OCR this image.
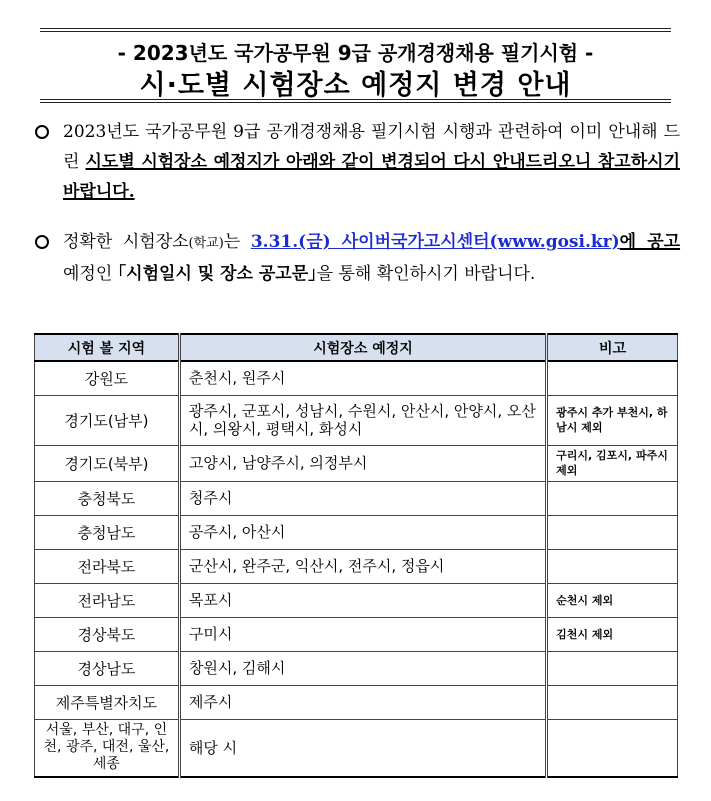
- 2023년도 국가공무원 9급 공개경쟁채용 필기시험 -
시·도별 시험장소 예정지 변경 안내
2023년도 국가공무원 9급 공개경쟁채용 필기시험 시행과 관련하여 이미 안내해 드린 시도별 시험장소 예정지가 아래와 같이 변경되어 다시 안내드리오니 참고하시기 바랍니다.
정확한 시험장소(학교)는 3.31.(금) 사이버국가고시센터(www.gosi.kr)에 공고 예정인 ｢시험일시 및 장소 공고문｣을 통해 확인하시기 바랍니다.
시험 볼 지역	시험장소 예정지	비고
강원도	춘천시, 원주시	
경기도(남부)	광주시, 군포시, 성남시, 수원시, 안산시, 안양시, 오산시, 의왕시, 평택시, 화성시	광주시 추가 부천시, 하남시 제외
경기도(북부)	고양시, 남양주시, 의정부시	구리시, 김포시, 파주시 제외
충청북도	청주시	
충청남도	공주시, 아산시	
전라북도	군산시, 완주군, 익산시, 전주시, 정읍시	
전라남도	목포시	순천시 제외
경상북도	구미시	김천시 제외
경상남도	창원시, 김해시	
제주특별자치도	제주시	
서울, 부산, 대구, 인천, 광주, 대전, 울산, 세종	해당 시	
